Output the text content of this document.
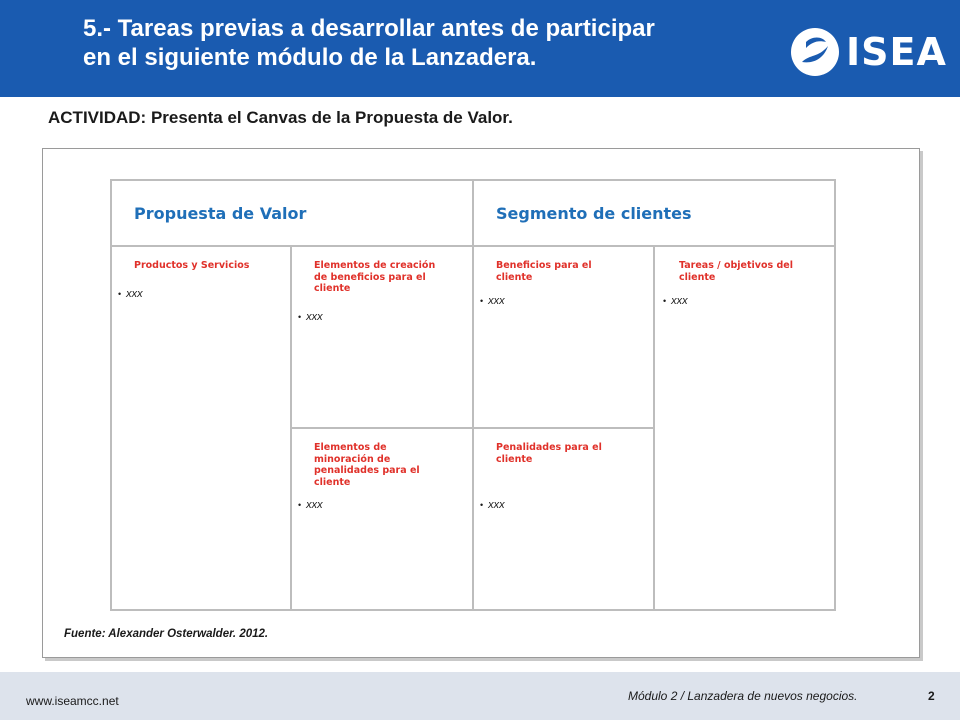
5.- Tareas previas a desarrollar antes de participar
en el siguiente módulo de la Lanzadera.	ISEA
ACTIVIDAD: Presenta el Canvas de la Propuesta de Valor.
Propuesta de Valor	Segmento de clientes
Productos y Servicios
• xxx
Elementos de creación de beneficios para el cliente
• xxx
Elementos de minoración de penalidades para el cliente
• xxx
Beneficios para el cliente
• xxx
Penalidades para el cliente
• xxx
Tareas / objetivos del cliente
• xxx
Fuente: Alexander Osterwalder. 2012.
www.iseamcc.net	Módulo 2 / Lanzadera de nuevos negocios.	2
